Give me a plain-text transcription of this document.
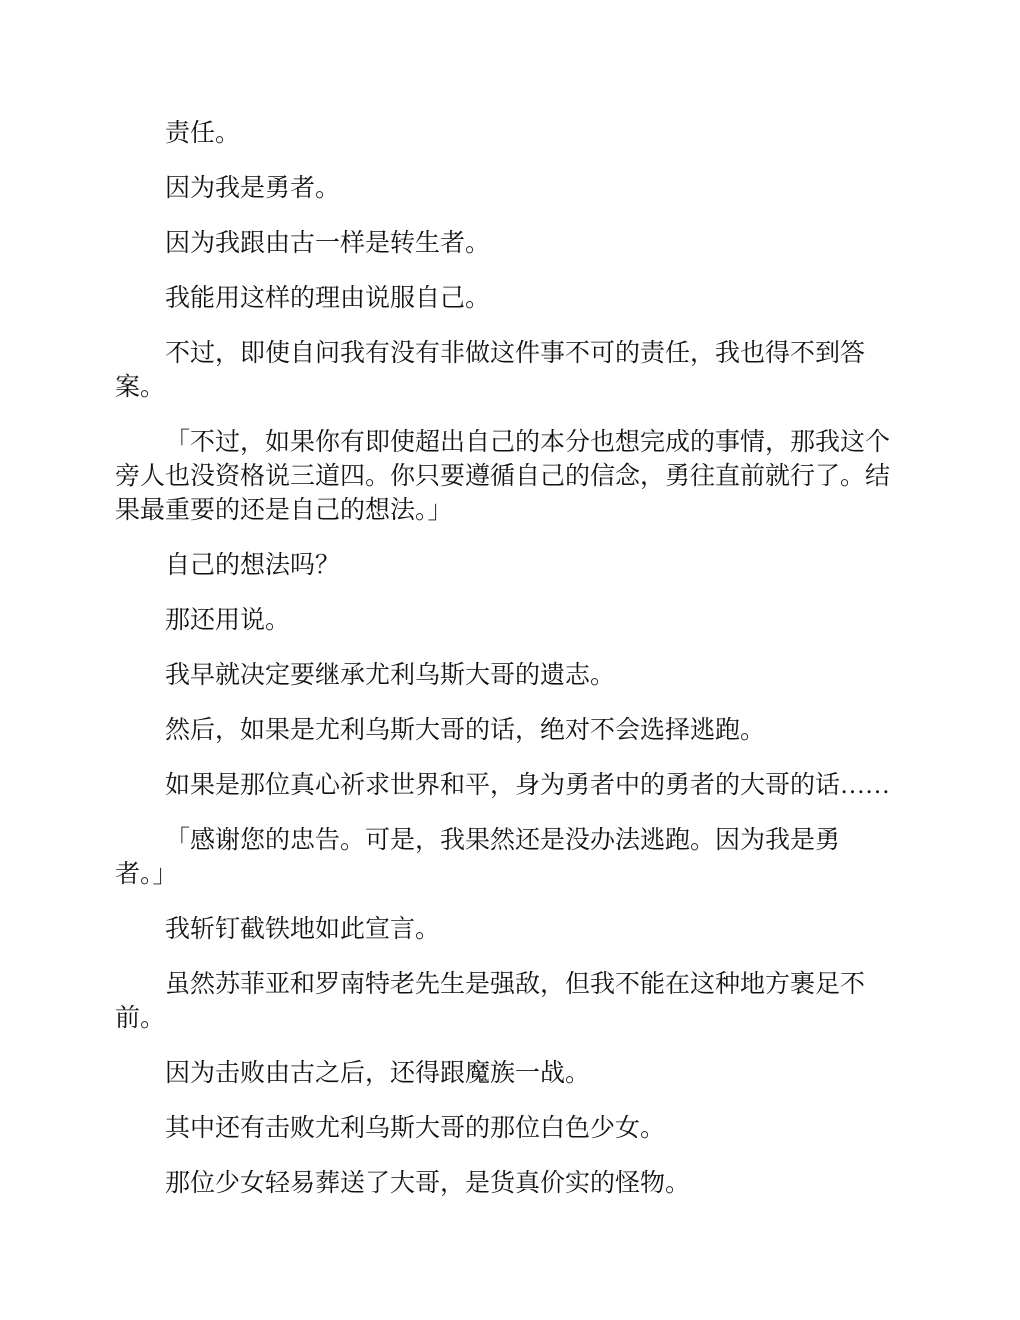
责任。

因为我是勇者。

因为我跟由古一样是转生者。

我能用这样的理由说服自己。

不过，即使自问我有没有非做这件事不可的责任，我也得不到答案。

「不过，如果你有即使超出自己的本分也想完成的事情，那我这个旁人也没资格说三道四。你只要遵循自己的信念，勇往直前就行了。结果最重要的还是自己的想法。」

自己的想法吗？

那还用说。

我早就决定要继承尤利乌斯大哥的遗志。

然后，如果是尤利乌斯大哥的话，绝对不会选择逃跑。

如果是那位真心祈求世界和平，身为勇者中的勇者的大哥的话……

「感谢您的忠告。可是，我果然还是没办法逃跑。因为我是勇者。」

我斩钉截铁地如此宣言。

虽然苏菲亚和罗南特老先生是强敌，但我不能在这种地方裹足不前。

因为击败由古之后，还得跟魔族一战。

其中还有击败尤利乌斯大哥的那位白色少女。

那位少女轻易葬送了大哥，是货真价实的怪物。
